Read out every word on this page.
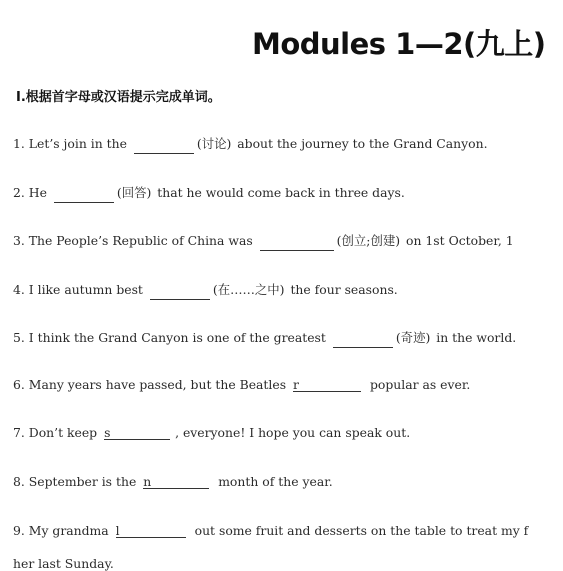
Modules 1—2(九上)
Ⅰ.根据首字母或汉语提示完成单词。
1. Let’s join in the	(讨论) about the journey to the Grand Canyon.
2. He	(回答) that he would come back in three days.
3. The People’s Republic of China was	(创立;创建) on 1st October, 1
4. I like autumn best	(在……之中) the four seasons.
5. I think the Grand Canyon is one of the greatest	(奇迹) in the world.
6. Many years have passed, but the Beatles r	popular as ever.
7. Don’t keep s	, everyone! I hope you can speak out.
8. September is the n	month of the year.
9. My grandma l	out some fruit and desserts on the table to treat my f
her last Sunday.
